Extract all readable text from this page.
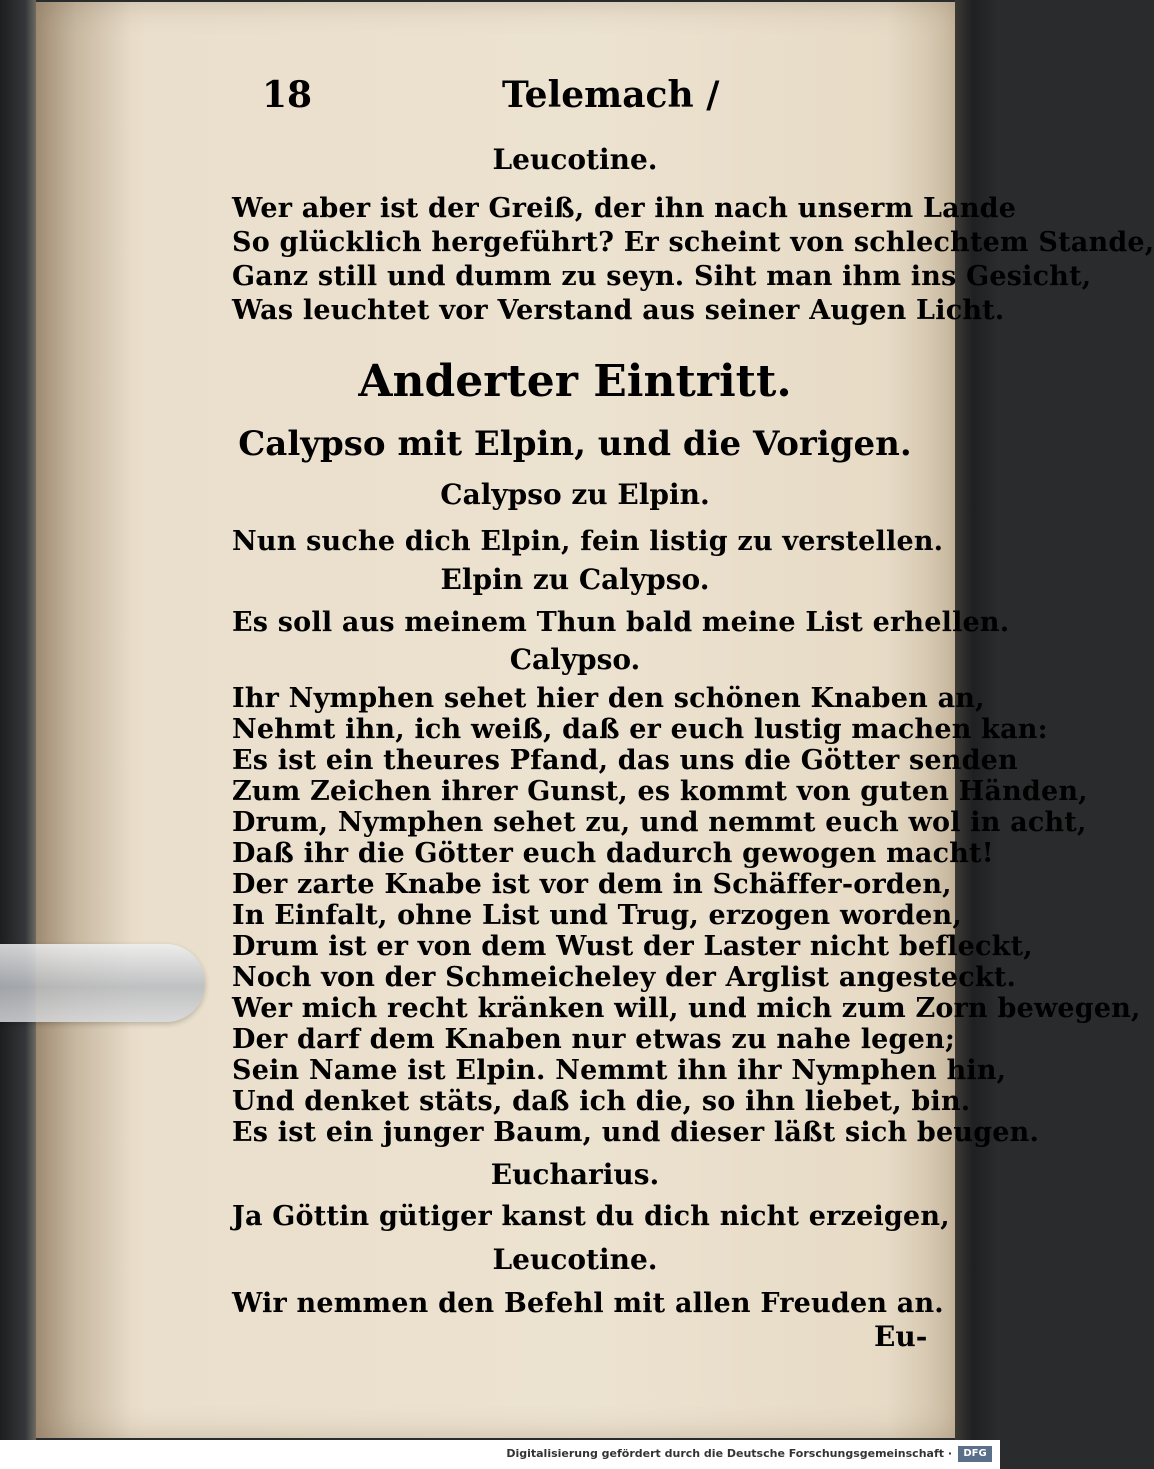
18	Telemach /
Leucotine.
Wer aber ist der Greiß, der ihn nach unserm Lande
So glücklich hergeführt? Er scheint von schlechtem Stande,
Ganz still und dumm zu seyn. Siht man ihm ins Gesicht,
Was leuchtet vor Verstand aus seiner Augen Licht.
Anderter Eintritt.
Calypso mit Elpin, und die Vorigen.
Calypso zu Elpin.
Nun suche dich Elpin, fein listig zu verstellen.
Elpin zu Calypso.
Es soll aus meinem Thun bald meine List erhellen.
Calypso.
Ihr Nymphen sehet hier den schönen Knaben an,
Nehmt ihn, ich weiß, daß er euch lustig machen kan:
Es ist ein theures Pfand, das uns die Götter senden
Zum Zeichen ihrer Gunst, es kommt von guten Händen,
Drum, Nymphen sehet zu, und nemmt euch wol in acht,
Daß ihr die Götter euch dadurch gewogen macht!
Der zarte Knabe ist vor dem in Schäffer-orden,
In Einfalt, ohne List und Trug, erzogen worden,
Drum ist er von dem Wust der Laster nicht befleckt,
Noch von der Schmeicheley der Arglist angesteckt.
Wer mich recht kränken will, und mich zum Zorn bewegen,
Der darf dem Knaben nur etwas zu nahe legen;
Sein Name ist Elpin. Nemmt ihn ihr Nymphen hin,
Und denket stäts, daß ich die, so ihn liebet, bin.
Es ist ein junger Baum, und dieser läßt sich beugen.
Eucharius.
Ja Göttin gütiger kanst du dich nicht erzeigen,
Leucotine.
Wir nemmen den Befehl mit allen Freuden an.
Eu-
Digitalisierung gefördert durch die Deutsche Forschungsgemeinschaft ·	DFG
